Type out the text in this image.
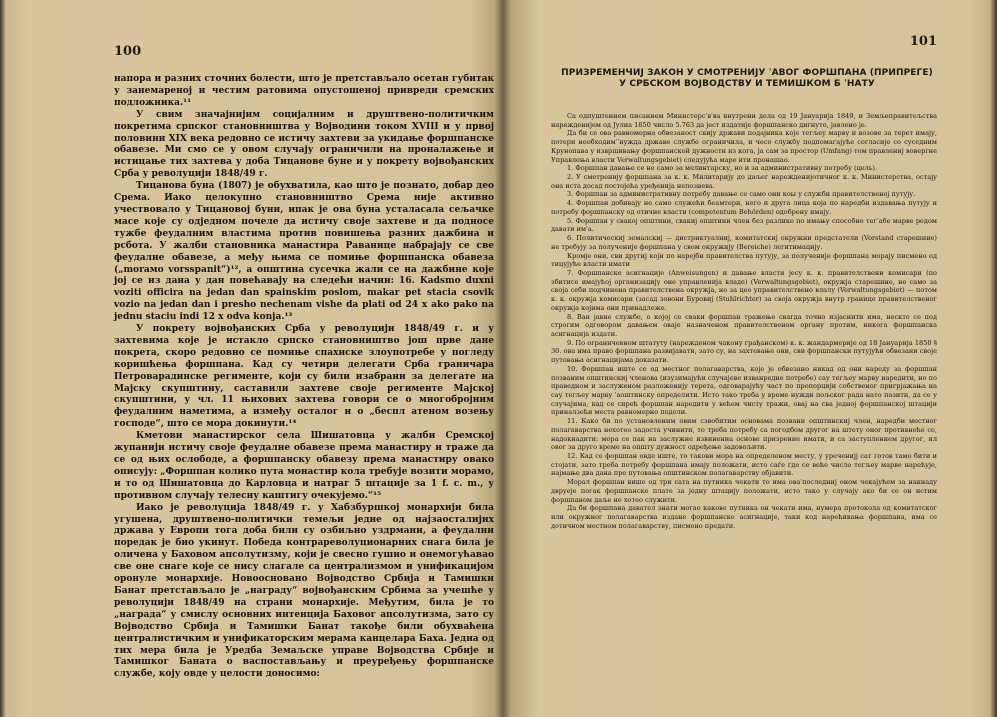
100

напора и разних сточних болести, што је претстављало осетан губитак у занемареној и честим ратовима опустошеној привреди сремских подложника.¹¹

У свим значајнијим социјалним и друштвено-политичким покретима српског становништва у Војводини током XVIII и у првој половини XIX века редовно се истичу захтеви за укидање форшпанске обавезе. Ми смо се у овом случају ограничили на проналажење и истицање тих захтева у доба Тицанове буне и у покрету војвођанских Срба у револуцији 1848/49 г.

Тицанова буна (1807) је обухватила, као што је познато, добар део Срема. Иако целокупно становништво Срема није активно учествовало у Тицановој буни, ипак је ова буна усталасала сељачке масе које су одједном почеле да истичу своје захтеве и да подносе тужбе феудалним властима против повишења разних дажбина и рсбота. У жалби становника манастира Раванице набрајају се све феудалне обавезе, а међу њима се помиње форшпанска обавеза („morамо vorsspanit“)¹², а општина сусечка жали се на дажбине које јој се из дана у дан повећавају на следећи начин: 16. Kadsmo duxni voziti officira na jedan dan spainskim poslom, makar pet stacia csovik vozio na jedan dan i presho nechenam vishe da plati od 24 x ako pako na jednu staciu indi 12 x odva konja.¹³

У покрету војвођанских Срба у револуцији 1848/49 г. и у захтевима које је истакло српско становништво још прве дане покрета, скоро редовно се помиње спахиске злоупотребе у погледу коришћења форшпана. Кад су четири делегати Срба граничара Петроварадинске регименте, који су били изабрани за делегате на Мајску скупштину, саставили захтеве своје регименте Мајској скупштини, у чл. 11 њихових захтева говори се о многобројним феудалним наметима, а између осталог и о „беспл атеном возењу господе“, што се мора докинути.¹⁴

Кметови манастирског села Шишатовца у жалби Сремској жупанији истичу своје феудалне обавезе према манастиру и траже да се од њих ослободе, а форшпанску обавезу према манастиру овако описују: „Форшпан колико пута монастир кола требује возити морамо, и то од Шишатовца до Карловца и натраг 5 штације за 1 f. c. m., у противном случају телесну каштигу очекујемо.“¹⁵

Иако је револуција 1848/49 г. у Хабзбуршкој монархији била угушена, друштвено-политички темељи једне од најзаосталијих држава у Европи тога доба били су озбиљно уздрмани, а феудални поредак је био укинут. Победа контрареволуционарних снага била је оличена у Баховом апсолутизму, који је свесно гушио и онемогућавао све оне снаге које се нису слагале са централизмом и унификацијом оронуле монархије. Новоосновано Војводство Србија и Тамишки Банат претстављало је „награду“ војвођанским Србима за учешће у револуцији 1848/49 на страни монархије. Међутим, била је то „награда“ у смислу основних интенција Баховог апсолутизма, зато су Војводство Србија и Тамишки Банат такође били обухваћена централистичким и унификаторским мерама канцелара Баха. Једна од тих мера била је Уредба Земаљске управе Војводства Србије и Тамишког Баната о васпостављању и преуређењу форшпанске службе, коју овде у целости доносимо:

101
ПРИЗРЕМЕНЧИЈ ЗАКОН У СМОТРЕНИЈУ ˈАВОГ ФОРШПАНА (ПРИПРЕГЕ)
У СРБСКОМ ВОЈВОДСТВУ И ТЕМИШКОМ Б ˈНАТУ

Са одпуштением писанием Министерсˈвˈва внутрени дела од 19 Јануарија 1849, и Земљеправитељства нарежденијем од Јулиа 1850 число 5.763 да јест издатије форшпанско дигнуто, јавлено је.

Да би се ова равномерна обвезаност свију држави подајника којe тегљеу марву и возове за терет имају, потери необходимˈˈнужда државе службе ограничила, и чесо службу подпомагајуће согласије со суседним Крунопава у извршивању форшпанской дужности из кога, ја сам за простор (Umfang) том правлениј вовергне Управлењa власти Verwaltungsgebiet) следујућа маре ити пронашао.

1. Форшпан давање се не само за мелинтарску, но и за административну потребу (цель).

2. У сметренију форшпана за к. к. Милитарију до даљег нарежденијотичног к. к. Министерства, остају она иста досад постојећа уређенија непознева.

3. Форшпан за административну потребу давање се само они коы у служби правителственој путују.

4. Форшпан добивају не само служећи беамтери, него и друга лица која по наредби издавања путују и потребу форшпанску од отичне власти (competentum Behörden) одобрену имају.

5. Форшпан у свакој општини, свакиј општини член без разлике по имању способне тегˈабе марве редом давати имˈа.

6. Политическиј земалскиј — дистриктуалниј, комитатскиј окружни предстатели (Vorstand старешине) не требују за полученије форшпана у свом окружију (Bereiche) легитимацију.

Кромје они, сви другиј који по нарејби правителства путују, за полученије форшпана морају писмено од тицујуће власти имати

7. Форшпанске асигнације (Anweisungen) и давање власти јесу к. к. правителствени комисари (по збитисе имајућој организацију оне управленија владе) (Verwaltungsgebiet), окружја старешине, не само за своја себи подчинена правителствена окружја, но за цео управителствено влалу (Verwaltungsgebiet) — потом к. к. окружја комисари (засад зовони Буровиј (Stuhlrichter) за своја окружја внутр границе правителственог окружја којима они принадлеже.

8. Ван јавне службе, о којој се сваки форшпан тражење свагда точно изјаснити има, нескте се под строгим одговором давањем оваје назначеном правителственом органу протим, никога форшпанска асигнација издати.

9. По ограничевном штатуту (нарежденом чакону грађанском) к. к. жандармерије од 18 Јануарија 1850 § 30. ова има право форшпана развијавати, зато су, на захтевање они, сви форшпански путујући обвезани своје путовања асигнацијама доказати.

10. Форшпан иште се од местног полагаварства, које је обвезано никад од они нареду за форшпан позваним општинскиј членова (изузимајући случајеве изванредне потребе) сау тегљеу марву наредити, но по праведном и заслуженом разложенију терета, одговарајућу част по пропорцији собственог пригрјажања на сау тегљеу марву ˈаоштинску определити. Исто тако треба у време нужди пољског рада нато пазити, да се у случајима, кад се сирећ форшпан наредити у већем чисту тражи, овај на сва једној форшпанској штацији приналзећи места равномерно подели.

11. Како би по установленим овим сзвобитим основама позвани општинскиј член, наредби местног полагаварства нехотео задоста учинити, то треба потребу са погодбом другог на штету оног противнеће се, надокнадити: мора се пак на заслужне извинениа основе призрение имати, и са заступлением другог, ил овог за друго време на општу дужност одређење задовољити.

12. Кад се форшпан овде иште, то такови мора на определеном месту, у уреченијј сат готов тамо бити и стојати, зато треба потребу форшпана имају положати, исто саѓе где се веће числo тегљеу марве нарећује, најмање два дана пре путовања општинском полагаварству објавити.

Морал форшпан више од три сата на путника чекати то има оваˈпоследниј оном чекајућем за накнаду двруеје погак форшпанске плате за једну штацију положати, исто тако у случају ако би се он истим форшпаном даље не хотео служити.

Да би форшпана давател знати могао какове путника он чекати има, нумера протокола од комитатског или окружног полагаварства издане форшпанске асигнације, таки код нарећивања форшпана, има се дотичном местном полагаварству, писмено предати.
